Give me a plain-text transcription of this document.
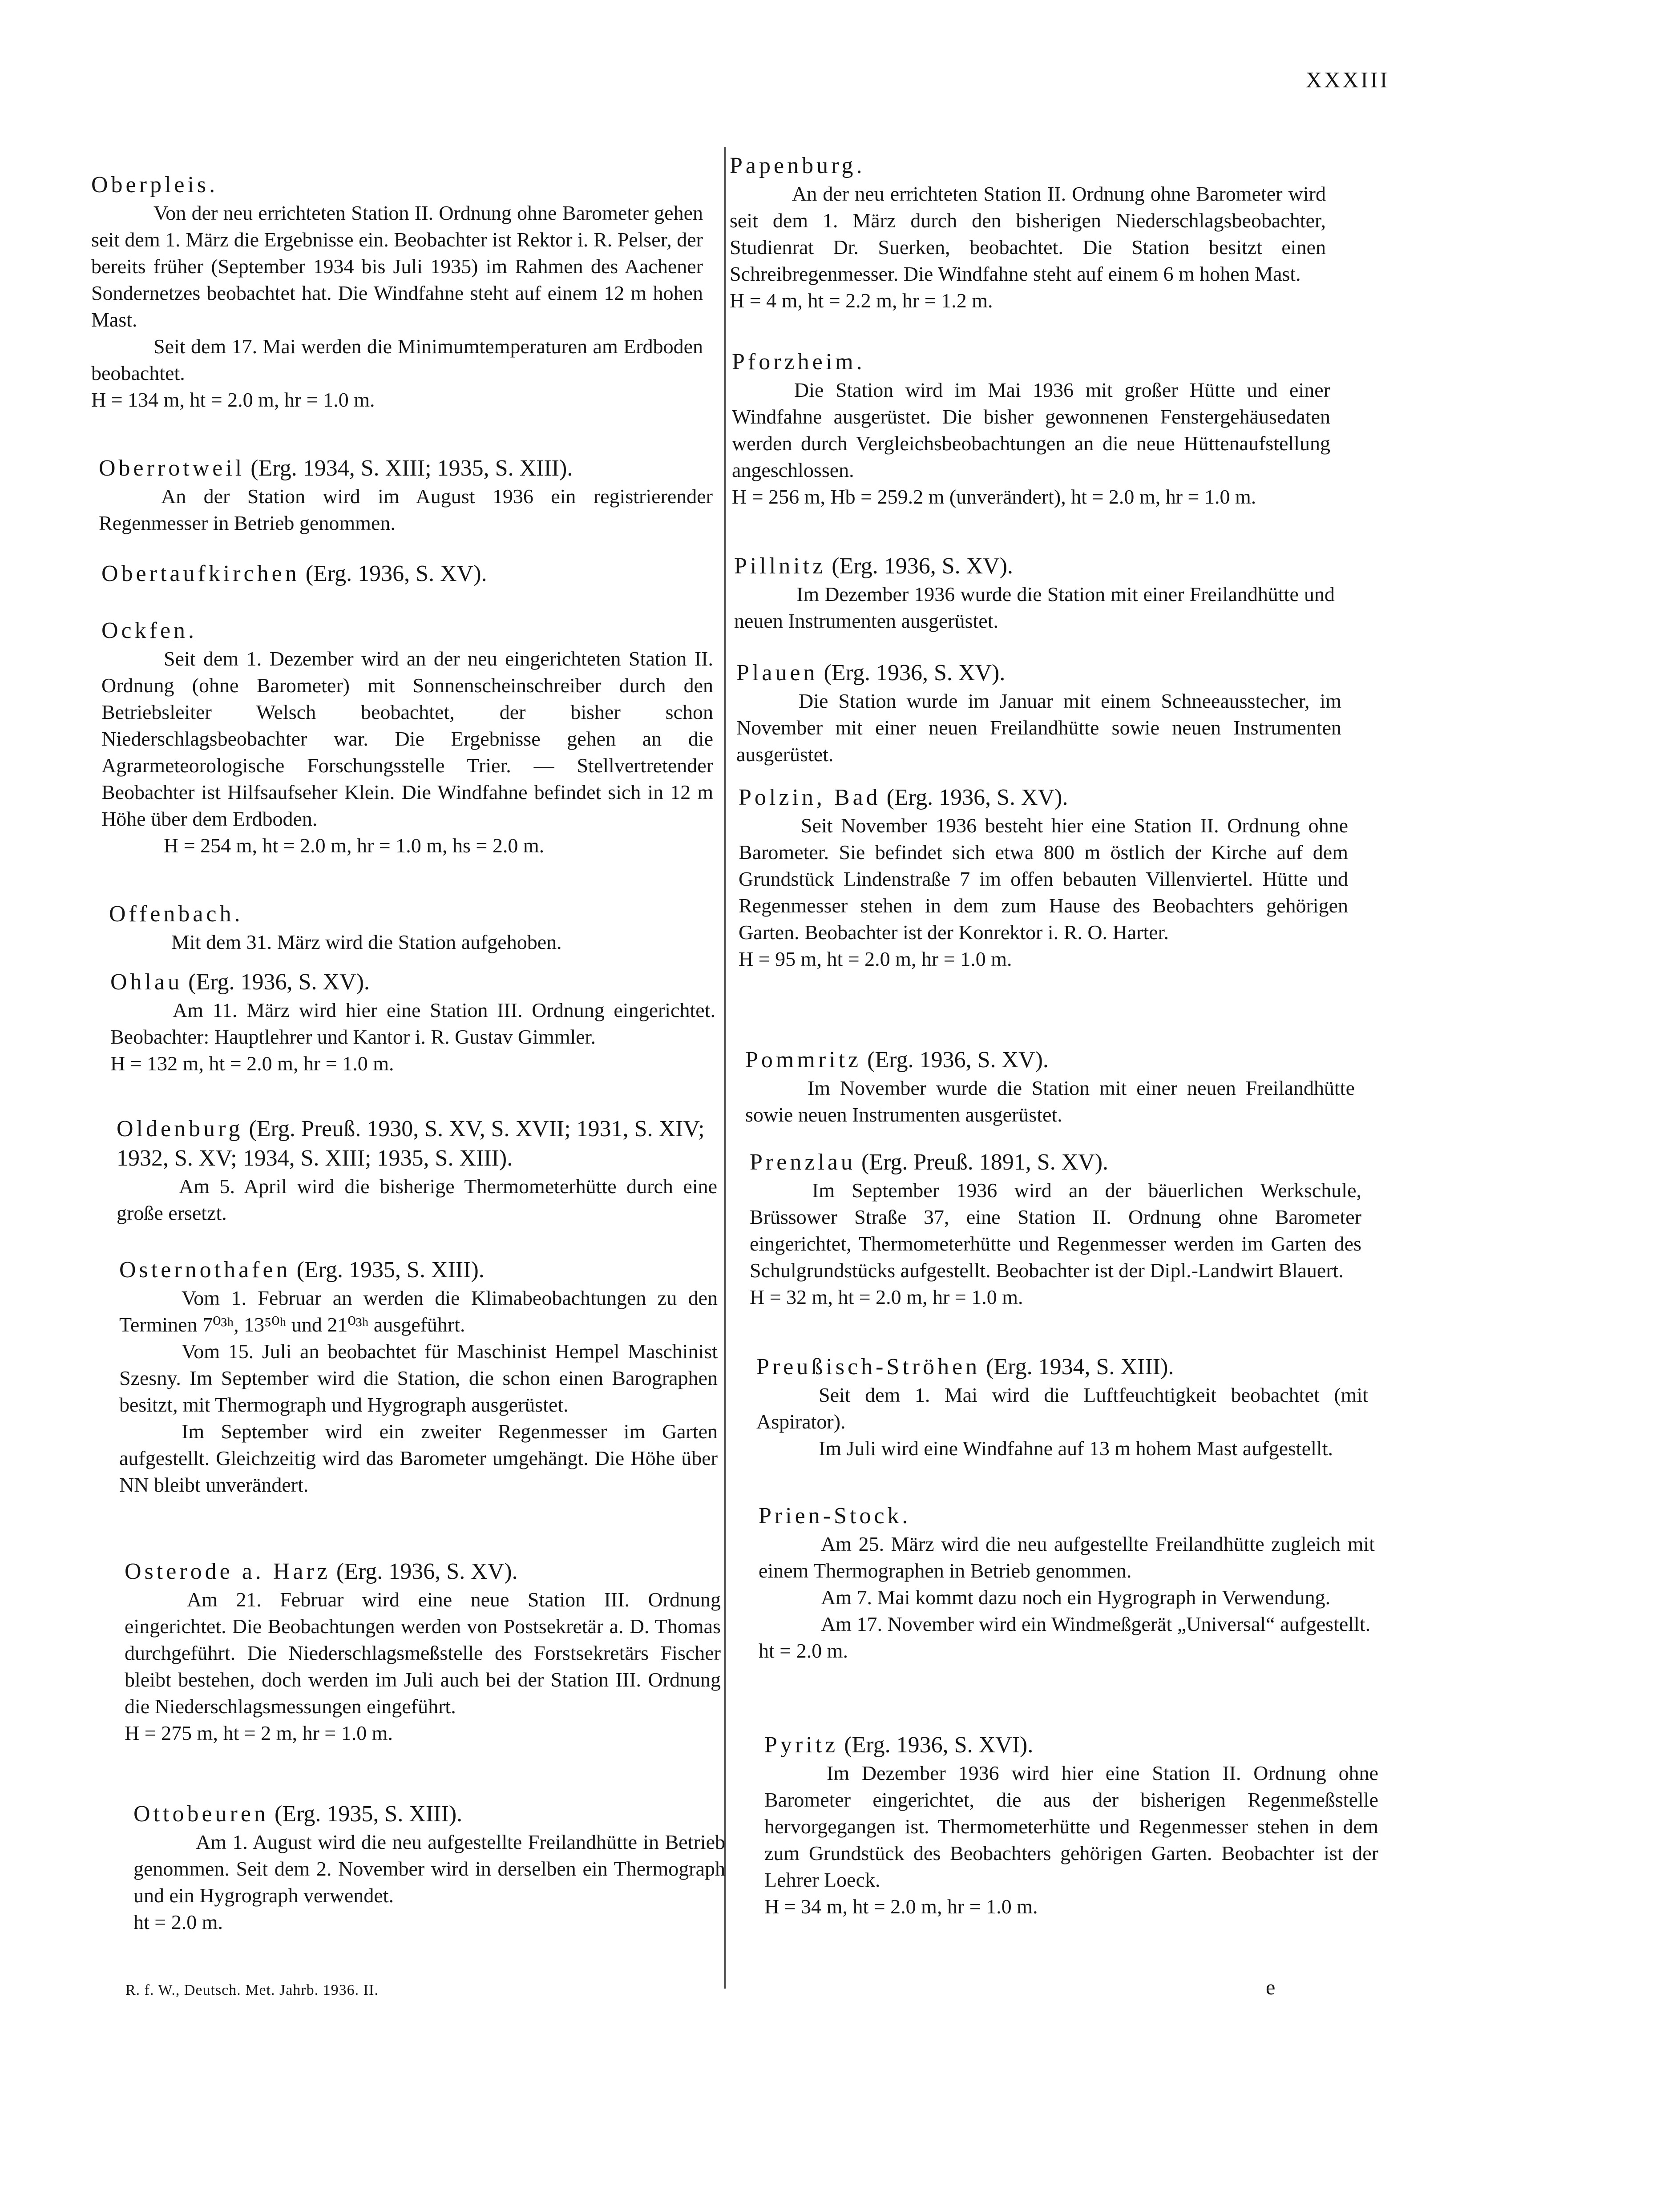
XXXIII
Oberpleis.
Von der neu errichteten Station II. Ordnung ohne Barometer gehen seit dem 1. März die Ergebnisse ein. Beobachter ist Rektor i. R. Pelser, der bereits früher (September 1934 bis Juli 1935) im Rahmen des Aachener Sondernetzes beobachtet hat. Die Windfahne steht auf einem 12 m hohen Mast.
Seit dem 17. Mai werden die Minimumtemperaturen am Erdboden beobachtet.
H = 134 m, ht = 2.0 m, hr = 1.0 m.
Oberrotweil (Erg. 1934, S. XIII; 1935, S. XIII).
An der Station wird im August 1936 ein registrierender Regenmesser in Betrieb genommen.
Obertaufkirchen (Erg. 1936, S. XV).
Ockfen.
Seit dem 1. Dezember wird an der neu eingerichteten Station II. Ordnung (ohne Barometer) mit Sonnenscheinschreiber durch den Betriebsleiter Welsch beobachtet, der bisher schon Niederschlagsbeobachter war. Die Ergebnisse gehen an die Agrarmeteorologische Forschungsstelle Trier. — Stellvertretender Beobachter ist Hilfsaufseher Klein. Die Windfahne befindet sich in 12 m Höhe über dem Erdboden.
H = 254 m, ht = 2.0 m, hr = 1.0 m, hs = 2.0 m.
Offenbach.
Mit dem 31. März wird die Station aufgehoben.
Ohlau (Erg. 1936, S. XV).
Am 11. März wird hier eine Station III. Ordnung eingerichtet. Beobachter: Hauptlehrer und Kantor i. R. Gustav Gimmler.
H = 132 m, ht = 2.0 m, hr = 1.0 m.
Oldenburg (Erg. Preuß. 1930, S. XV, S. XVII; 1931, S. XIV; 1932, S. XV; 1934, S. XIII; 1935, S. XIII).
Am 5. April wird die bisherige Thermometerhütte durch eine große ersetzt.
Osternothafen (Erg. 1935, S. XIII).
Vom 1. Februar an werden die Klimabeobachtungen zu den Terminen 7⁰³ʰ, 13⁵⁰ʰ und 21⁰³ʰ ausgeführt.
Vom 15. Juli an beobachtet für Maschinist Hempel Maschinist Szesny. Im September wird die Station, die schon einen Barographen besitzt, mit Thermograph und Hygrograph ausgerüstet.
Im September wird ein zweiter Regenmesser im Garten aufgestellt. Gleichzeitig wird das Barometer umgehängt. Die Höhe über NN bleibt unverändert.
Osterode a. Harz (Erg. 1936, S. XV).
Am 21. Februar wird eine neue Station III. Ordnung eingerichtet. Die Beobachtungen werden von Postsekretär a. D. Thomas durchgeführt. Die Niederschlagsmeßstelle des Forstsekretärs Fischer bleibt bestehen, doch werden im Juli auch bei der Station III. Ordnung die Niederschlagsmessungen eingeführt.
H = 275 m, ht = 2 m, hr = 1.0 m.
Ottobeuren (Erg. 1935, S. XIII).
Am 1. August wird die neu aufgestellte Freilandhütte in Betrieb genommen. Seit dem 2. November wird in derselben ein Thermograph und ein Hygrograph verwendet.
ht = 2.0 m.
Papenburg.
An der neu errichteten Station II. Ordnung ohne Barometer wird seit dem 1. März durch den bisherigen Niederschlagsbeobachter, Studienrat Dr. Suerken, beobachtet. Die Station besitzt einen Schreibregenmesser. Die Windfahne steht auf einem 6 m hohen Mast.
H = 4 m, ht = 2.2 m, hr = 1.2 m.
Pforzheim.
Die Station wird im Mai 1936 mit großer Hütte und einer Windfahne ausgerüstet. Die bisher gewonnenen Fenstergehäusedaten werden durch Vergleichsbeobachtungen an die neue Hüttenaufstellung angeschlossen.
H = 256 m, Hb = 259.2 m (unverändert), ht = 2.0 m, hr = 1.0 m.
Pillnitz (Erg. 1936, S. XV).
Im Dezember 1936 wurde die Station mit einer Freilandhütte und neuen Instrumenten ausgerüstet.
Plauen (Erg. 1936, S. XV).
Die Station wurde im Januar mit einem Schneeausstecher, im November mit einer neuen Freilandhütte sowie neuen Instrumenten ausgerüstet.
Polzin, Bad (Erg. 1936, S. XV).
Seit November 1936 besteht hier eine Station II. Ordnung ohne Barometer. Sie befindet sich etwa 800 m östlich der Kirche auf dem Grundstück Lindenstraße 7 im offen bebauten Villenviertel. Hütte und Regenmesser stehen in dem zum Hause des Beobachters gehörigen Garten. Beobachter ist der Konrektor i. R. O. Harter.
H = 95 m, ht = 2.0 m, hr = 1.0 m.
Pommritz (Erg. 1936, S. XV).
Im November wurde die Station mit einer neuen Freilandhütte sowie neuen Instrumenten ausgerüstet.
Prenzlau (Erg. Preuß. 1891, S. XV).
Im September 1936 wird an der bäuerlichen Werkschule, Brüssower Straße 37, eine Station II. Ordnung ohne Barometer eingerichtet, Thermometerhütte und Regenmesser werden im Garten des Schulgrundstücks aufgestellt. Beobachter ist der Dipl.-Landwirt Blauert.
H = 32 m, ht = 2.0 m, hr = 1.0 m.
Preußisch-Ströhen (Erg. 1934, S. XIII).
Seit dem 1. Mai wird die Luftfeuchtigkeit beobachtet (mit Aspirator).
Im Juli wird eine Windfahne auf 13 m hohem Mast aufgestellt.
Prien-Stock.
Am 25. März wird die neu aufgestellte Freilandhütte zugleich mit einem Thermographen in Betrieb genommen.
Am 7. Mai kommt dazu noch ein Hygrograph in Verwendung.
Am 17. November wird ein Windmeßgerät „Universal“ aufgestellt.
ht = 2.0 m.
Pyritz (Erg. 1936, S. XVI).
Im Dezember 1936 wird hier eine Station II. Ordnung ohne Barometer eingerichtet, die aus der bisherigen Regenmeßstelle hervorgegangen ist. Thermometerhütte und Regenmesser stehen in dem zum Grundstück des Beobachters gehörigen Garten. Beobachter ist der Lehrer Loeck.
H = 34 m, ht = 2.0 m, hr = 1.0 m.
R. f. W., Deutsch. Met. Jahrb. 1936. II.	e
